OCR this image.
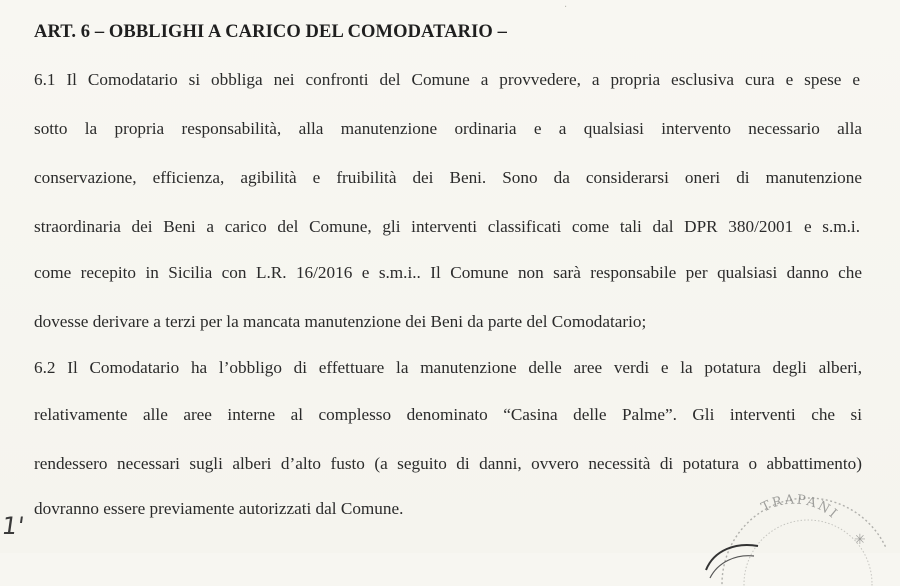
·
ART. 6 – OBBLIGHI A CARICO DEL COMODATARIO –
6.1 Il Comodatario si obbliga nei confronti del Comune a provvedere, a propria esclusiva cura e spese e
sotto la propria responsabilità, alla manutenzione ordinaria e a qualsiasi intervento necessario alla
conservazione, efficienza, agibilità e fruibilità dei Beni. Sono da considerarsi oneri di manutenzione
straordinaria dei Beni a carico del Comune, gli interventi classificati come tali dal DPR 380/2001 e s.m.i.
come recepito in Sicilia con L.R. 16/2016 e s.m.i.. Il Comune non sarà responsabile per qualsiasi danno che
dovesse derivare a terzi per la mancata manutenzione dei Beni da parte del Comodatario;
6.2 Il Comodatario ha l’obbligo di effettuare la manutenzione delle aree verdi e la potatura degli alberi,
relativamente alle aree interne al complesso denominato “Casina delle Palme”. Gli interventi che si
rendessero necessari sugli alberi d’alto fusto (a seguito di danni, ovvero necessità di potatura o abbattimento)
dovranno essere previamente autorizzati dal Comune.
1'
TRAPANI
✳
